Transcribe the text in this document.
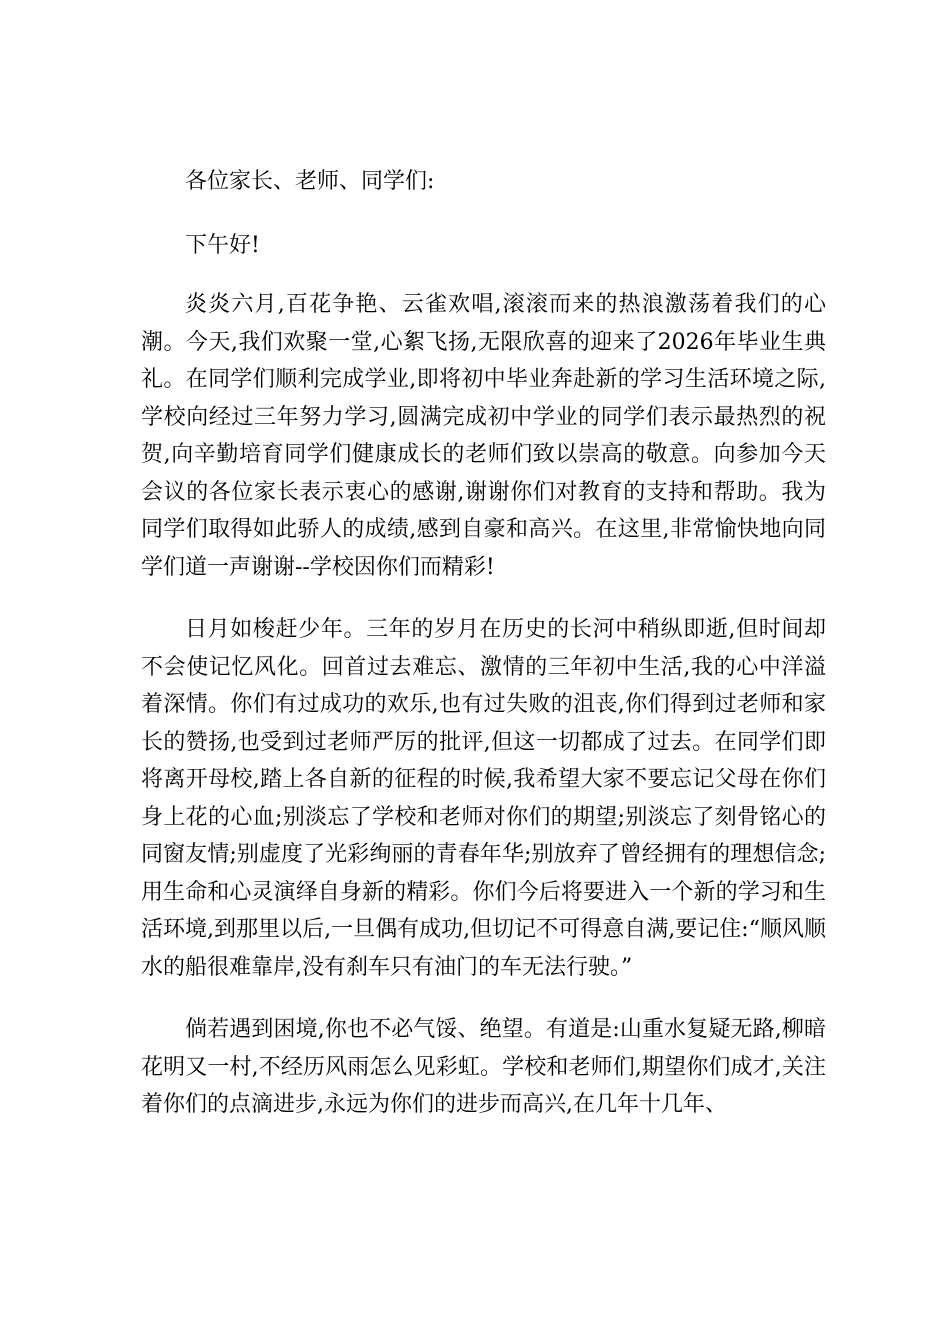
各位家长、老师、同学们:

下午好!

炎炎六月,百花争艳、云雀欢唱,滚滚而来的热浪激荡着我们的心潮。今天,我们欢聚一堂,心絮飞扬,无限欣喜的迎来了2026年毕业生典礼。在同学们顺利完成学业,即将初中毕业奔赴新的学习生活环境之际,学校向经过三年努力学习,圆满完成初中学业的同学们表示最热烈的祝贺,向辛勤培育同学们健康成长的老师们致以崇高的敬意。向参加今天会议的各位家长表示衷心的感谢,谢谢你们对教育的支持和帮助。我为同学们取得如此骄人的成绩,感到自豪和高兴。在这里,非常愉快地向同学们道一声谢谢--学校因你们而精彩!

日月如梭赶少年。三年的岁月在历史的长河中稍纵即逝,但时间却不会使记忆风化。回首过去难忘、激情的三年初中生活,我的心中洋溢着深情。你们有过成功的欢乐,也有过失败的沮丧,你们得到过老师和家长的赞扬,也受到过老师严厉的批评,但这一切都成了过去。在同学们即将离开母校,踏上各自新的征程的时候,我希望大家不要忘记父母在你们身上花的心血;别淡忘了学校和老师对你们的期望;别淡忘了刻骨铭心的同窗友情;别虚度了光彩绚丽的青春年华;别放弃了曾经拥有的理想信念;用生命和心灵演绎自身新的精彩。你们今后将要进入一个新的学习和生活环境,到那里以后,一旦偶有成功,但切记不可得意自满,要记住:“顺风顺水的船很难靠岸,没有刹车只有油门的车无法行驶。”

倘若遇到困境,你也不必气馁、绝望。有道是:山重水复疑无路,柳暗花明又一村,不经历风雨怎么见彩虹。学校和老师们,期望你们成才,关注着你们的点滴进步,永远为你们的进步而高兴,在几年十几年、
